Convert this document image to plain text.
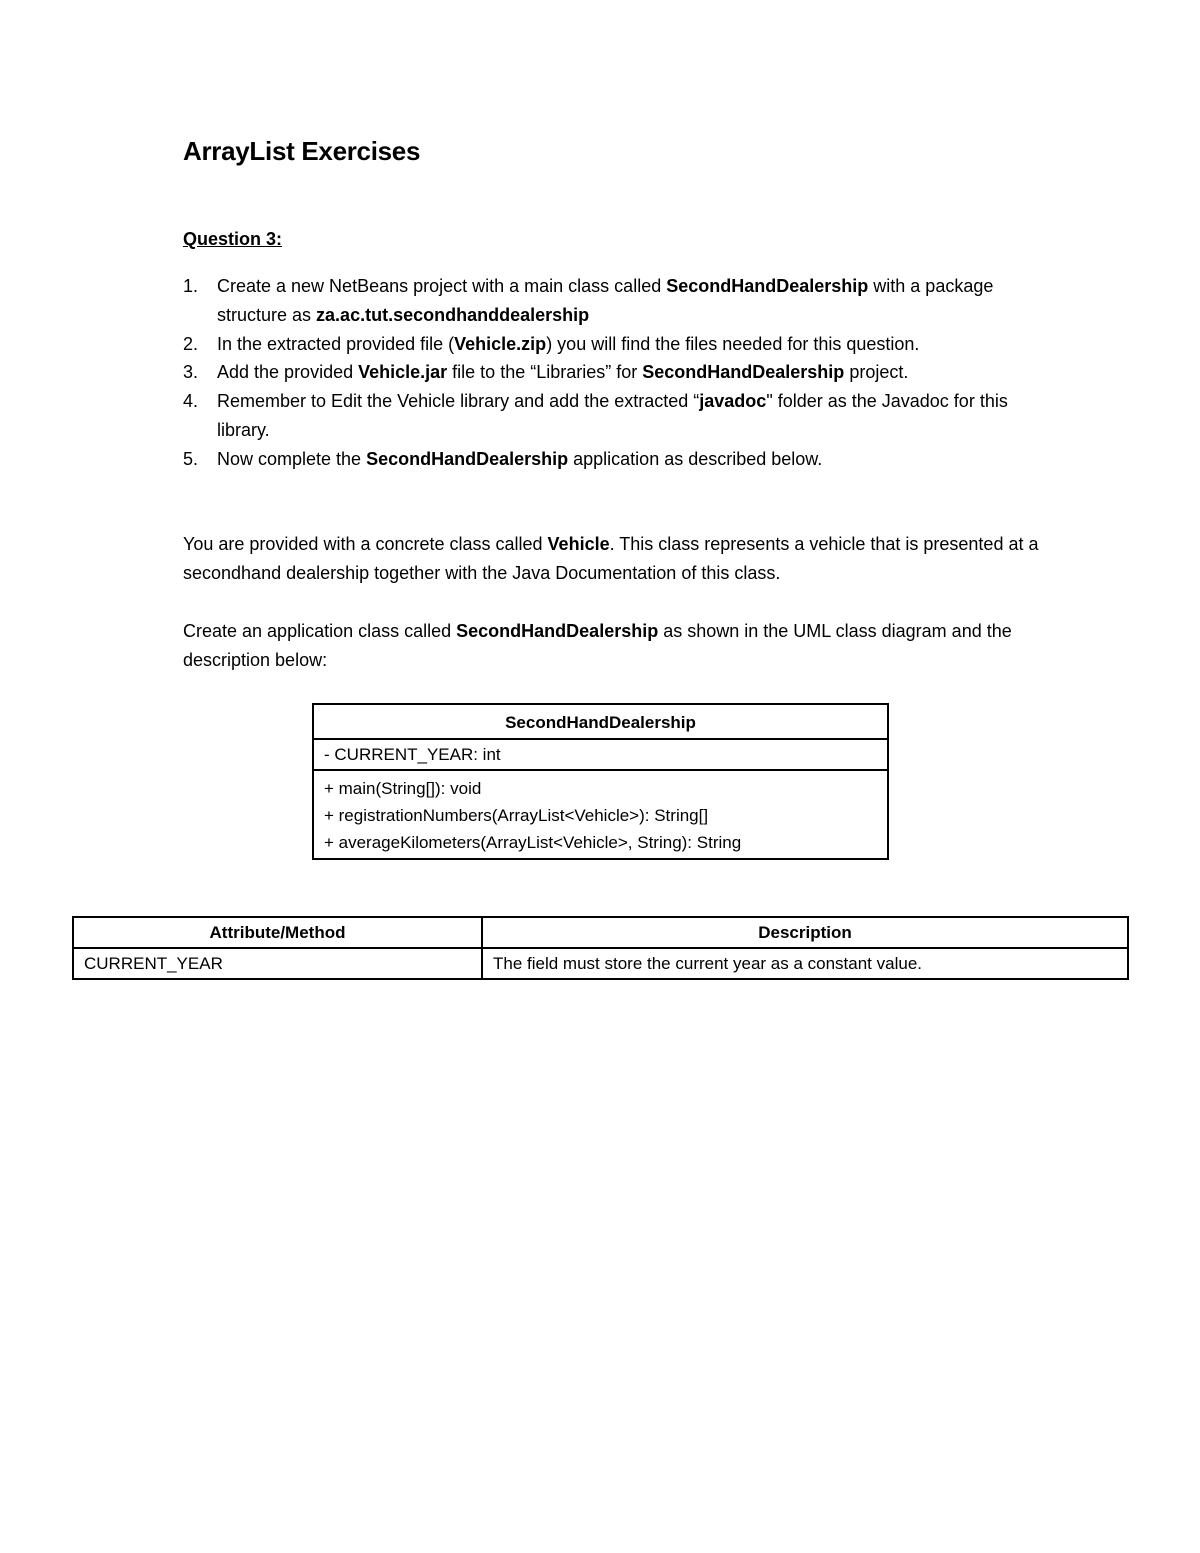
ArrayList Exercises
Question 3:
1. Create a new NetBeans project with a main class called SecondHandDealership with a package structure as za.ac.tut.secondhanddealership
2. In the extracted provided file (Vehicle.zip) you will find the files needed for this question.
3. Add the provided Vehicle.jar file to the “Libraries” for SecondHandDealership project.
4. Remember to Edit the Vehicle library and add the extracted “javadoc" folder as the Javadoc for this library.
5. Now complete the SecondHandDealership application as described below.

You are provided with a concrete class called Vehicle. This class represents a vehicle that is presented at a secondhand dealership together with the Java Documentation of this class.

Create an application class called SecondHandDealership as shown in the UML class diagram and the description below:

SecondHandDealership
- CURRENT_YEAR: int
+ main(String[]): void
+ registrationNumbers(ArrayList<Vehicle>): String[]
+ averageKilometers(ArrayList<Vehicle>, String): String
Attribute/Method	Description
CURRENT_YEAR	The field must store the current year as a constant value.
